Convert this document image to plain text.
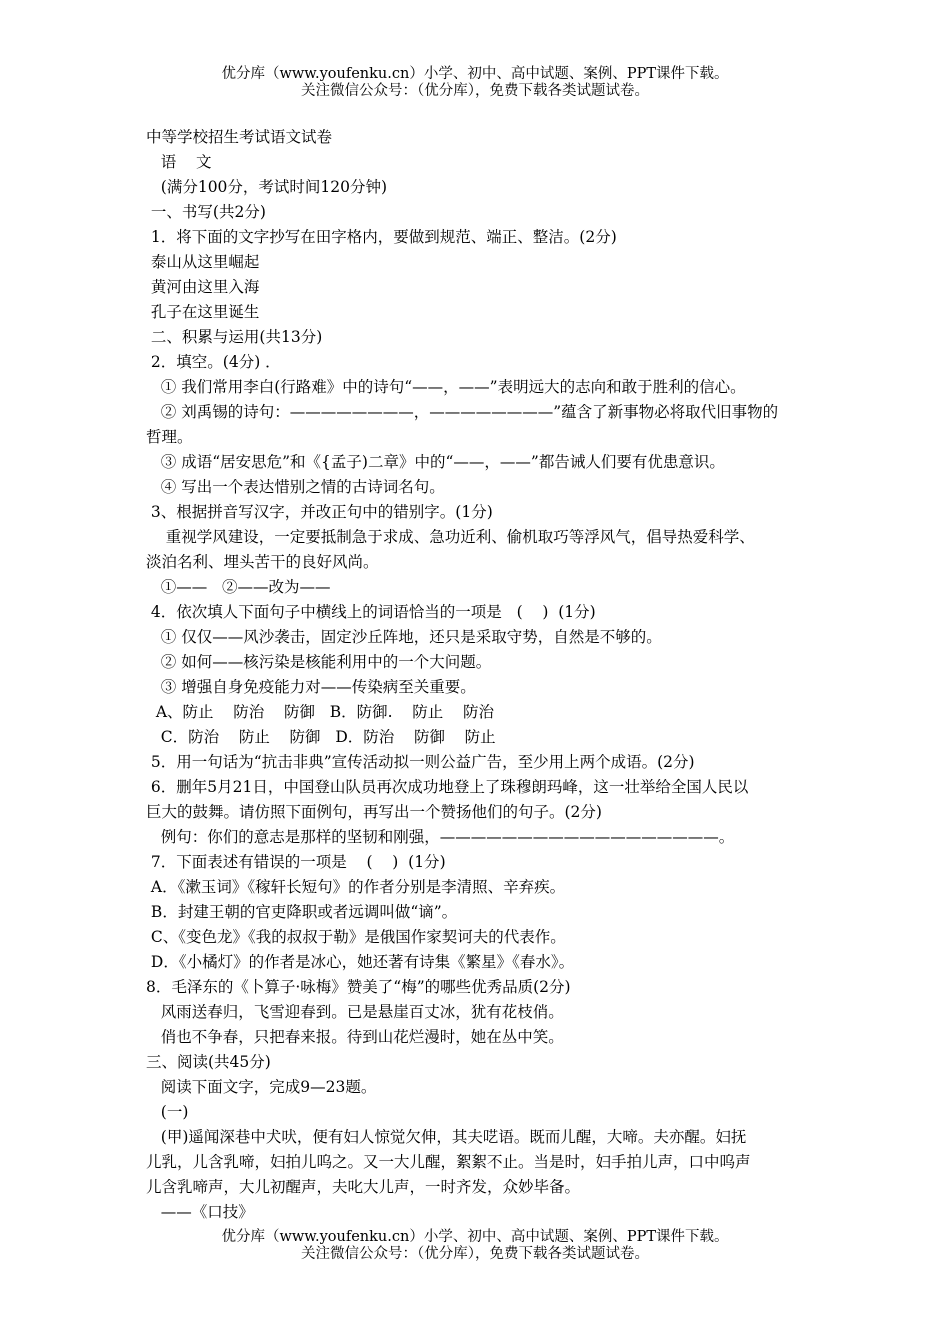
优分库（www.youfenku.cn）小学、初中、高中试题、案例、PPT课件下载。
关注微信公众号：（优分库），免费下载各类试题试卷。
中等学校招生考试语文试卷
语    文
(满分100分，考试时间120分钟)
一、书写(共2分)
1．将下面的文字抄写在田字格内，要做到规范、端正、整洁。(2分)
泰山从这里崛起
黄河由这里入海
孔子在这里诞生
二、积累与运用(共13分)
2．填空。(4分) ．
① 我们常用李白(行路难》中的诗句“——，——”表明远大的志向和敢于胜利的信心。
② 刘禹锡的诗句：————————，————————”蕴含了新事物必将取代旧事物的
哲理。
③ 成语“居安思危”和《{孟子)二章》中的“——，——”都告诫人们要有优患意识。
④ 写出一个表达惜别之情的古诗词名句。
3、根据拼音写汉字，并改正句中的错别字。(1分)
重视学风建设，一定要抵制急于求成、急功近利、偷机取巧等浮风气，倡导热爱科学、
淡泊名利、埋头苦干的良好风尚。
①——   ②——改为——
4．依次填人下面句子中横线上的词语恰当的一项是   (    )  (1分)
① 仅仅——风沙袭击，固定沙丘阵地，还只是采取守势，自然是不够的。
② 如何——核污染是核能利用中的一个大问题。
③ 增强自身免疫能力对——传染病至关重要。
A、防止    防治    防御   B．防御.    防止    防治
C．防治    防止    防御   D．防治    防御    防止
5．用一句话为“抗击非典”宣传活动拟一则公益广告，至少用上两个成语。(2分)
6．删年5月21日，中国登山队员再次成功地登上了珠穆朗玛峰，这一壮举给全国人民以
巨大的鼓舞。请仿照下面例句，再写出一个赞扬他们的句子。(2分)
例句：你们的意志是那样的坚韧和刚强，——————————————————。
7．下面表述有错误的一项是    (    )  (1分)
A．《漱玉词》《稼轩长短句》的作者分别是李清照、辛弃疾。
B．封建王朝的官吏降职或者远调叫做“谪”。
C、《变色龙》《我的叔叔于勒》是俄国作家契诃夫的代表作。
D．《小橘灯》的作者是冰心，她还著有诗集《繁星》《春水》。
8．毛泽东的《卜算子·咏梅》赞美了“梅”的哪些优秀品质(2分)
风雨送春归，飞雪迎春到。已是悬崖百丈冰，犹有花枝俏。
俏也不争春，只把春来报。待到山花烂漫时，她在丛中笑。
三、阅读(共45分)
阅读下面文字，完成9—23题。
(一)
(甲)遥闻深巷中犬吠，便有妇人惊觉欠伸，其夫呓语。既而儿醒，大啼。夫亦醒。妇抚
儿乳，儿含乳啼，妇拍儿呜之。又一大儿醒，絮絮不止。当是时，妇手拍儿声，口中呜声
儿含乳啼声，大儿初醒声，夫叱大儿声，一时齐发，众妙毕备。
——《口技》
优分库（www.youfenku.cn）小学、初中、高中试题、案例、PPT课件下载。
关注微信公众号：（优分库），免费下载各类试题试卷。
